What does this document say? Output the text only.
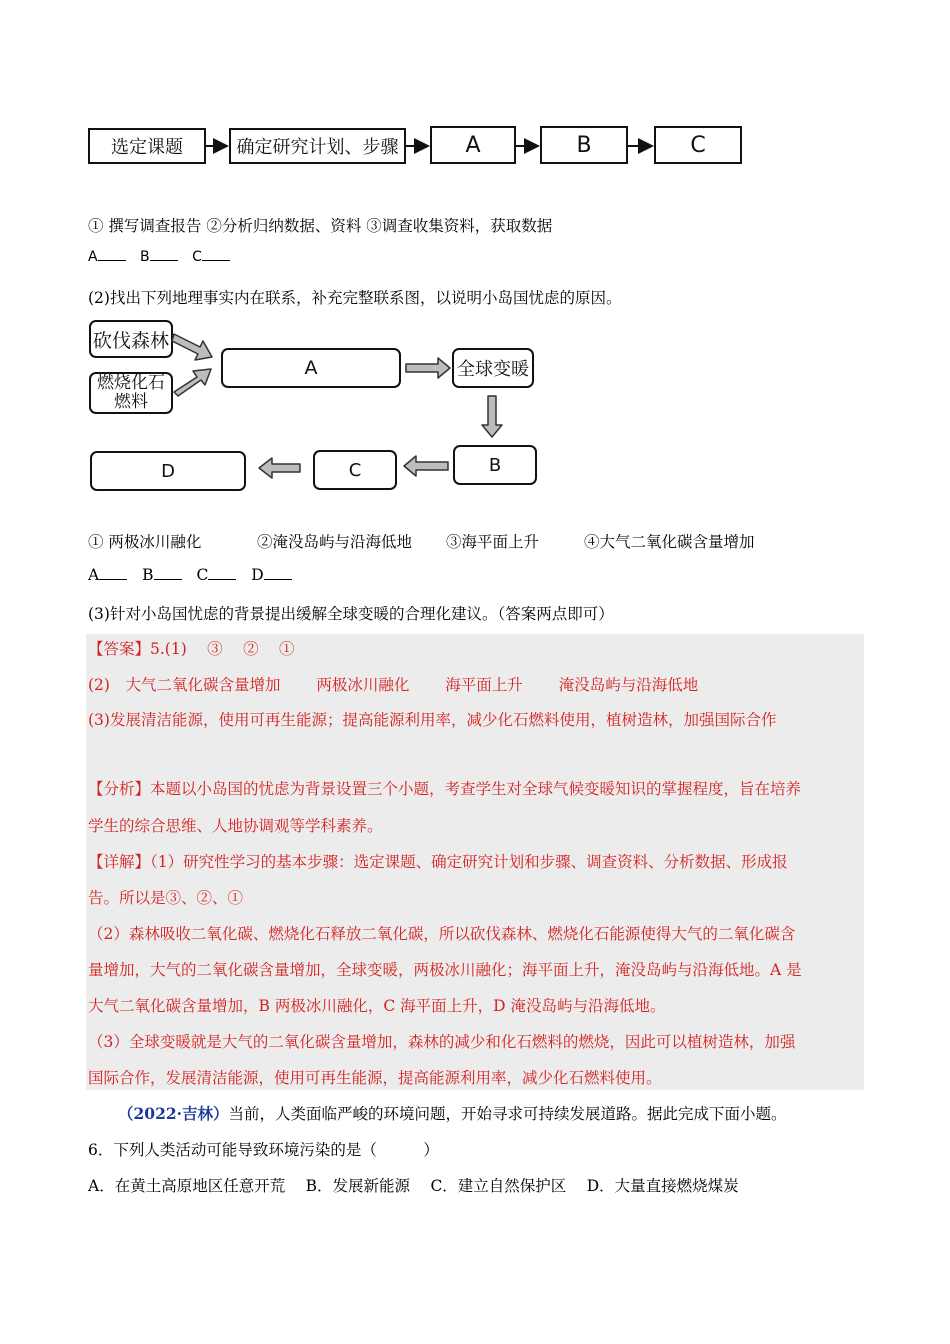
选定课题	确定研究计划、步骤	A	B	C
① 撰写调查报告 ②分析归纳数据、资料 ③调查收集资料，获取数据
A	B	C
(2)找出下列地理事实内在联系，补充完整联系图，以说明小岛国忧虑的原因。
砍伐森林
燃烧化石燃料
A	全球变暖
B
C
D
① 两极冰川融化	②淹没岛屿与沿海低地 ③海平面上升	④大气二氧化碳含量增加
A	B	C	D
(3)针对小岛国忧虑的背景提出缓解全球变暖的合理化建议。（答案两点即可）
【答案】5.(1)　 ③　 ②　 ①
(2)　大气二氧化碳含量增加　　 两极冰川融化　　 海平面上升　　 淹没岛屿与沿海低地
(3)发展清洁能源，使用可再生能源；提高能源利用率，减少化石燃料使用，植树造林，加强国际合作
【分析】本题以小岛国的忧虑为背景设置三个小题，考查学生对全球气候变暖知识的掌握程度，旨在培养
学生的综合思维、人地协调观等学科素养。
【详解】（1）研究性学习的基本步骤：选定课题、确定研究计划和步骤、调查资料、分析数据、形成报
告。所以是③、②、①
（2）森林吸收二氧化碳、燃烧化石释放二氧化碳，所以砍伐森林、燃烧化石能源使得大气的二氧化碳含
量增加，大气的二氧化碳含量增加，全球变暖，两极冰川融化；海平面上升，淹没岛屿与沿海低地。A 是
大气二氧化碳含量增加，B 两极冰川融化，C 海平面上升，D 淹没岛屿与沿海低地。
（3）全球变暖就是大气的二氧化碳含量增加，森林的减少和化石燃料的燃烧，因此可以植树造林，加强
国际合作，发展清洁能源，使用可再生能源，提高能源利用率，减少化石燃料使用。
（2022·吉林）当前，人类面临严峻的环境问题，开始寻求可持续发展道路。据此完成下面小题。
6．下列人类活动可能导致环境污染的是（　　　）
A．在黄土高原地区任意开荒　 B．发展新能源　 C．建立自然保护区　 D．大量直接燃烧煤炭
